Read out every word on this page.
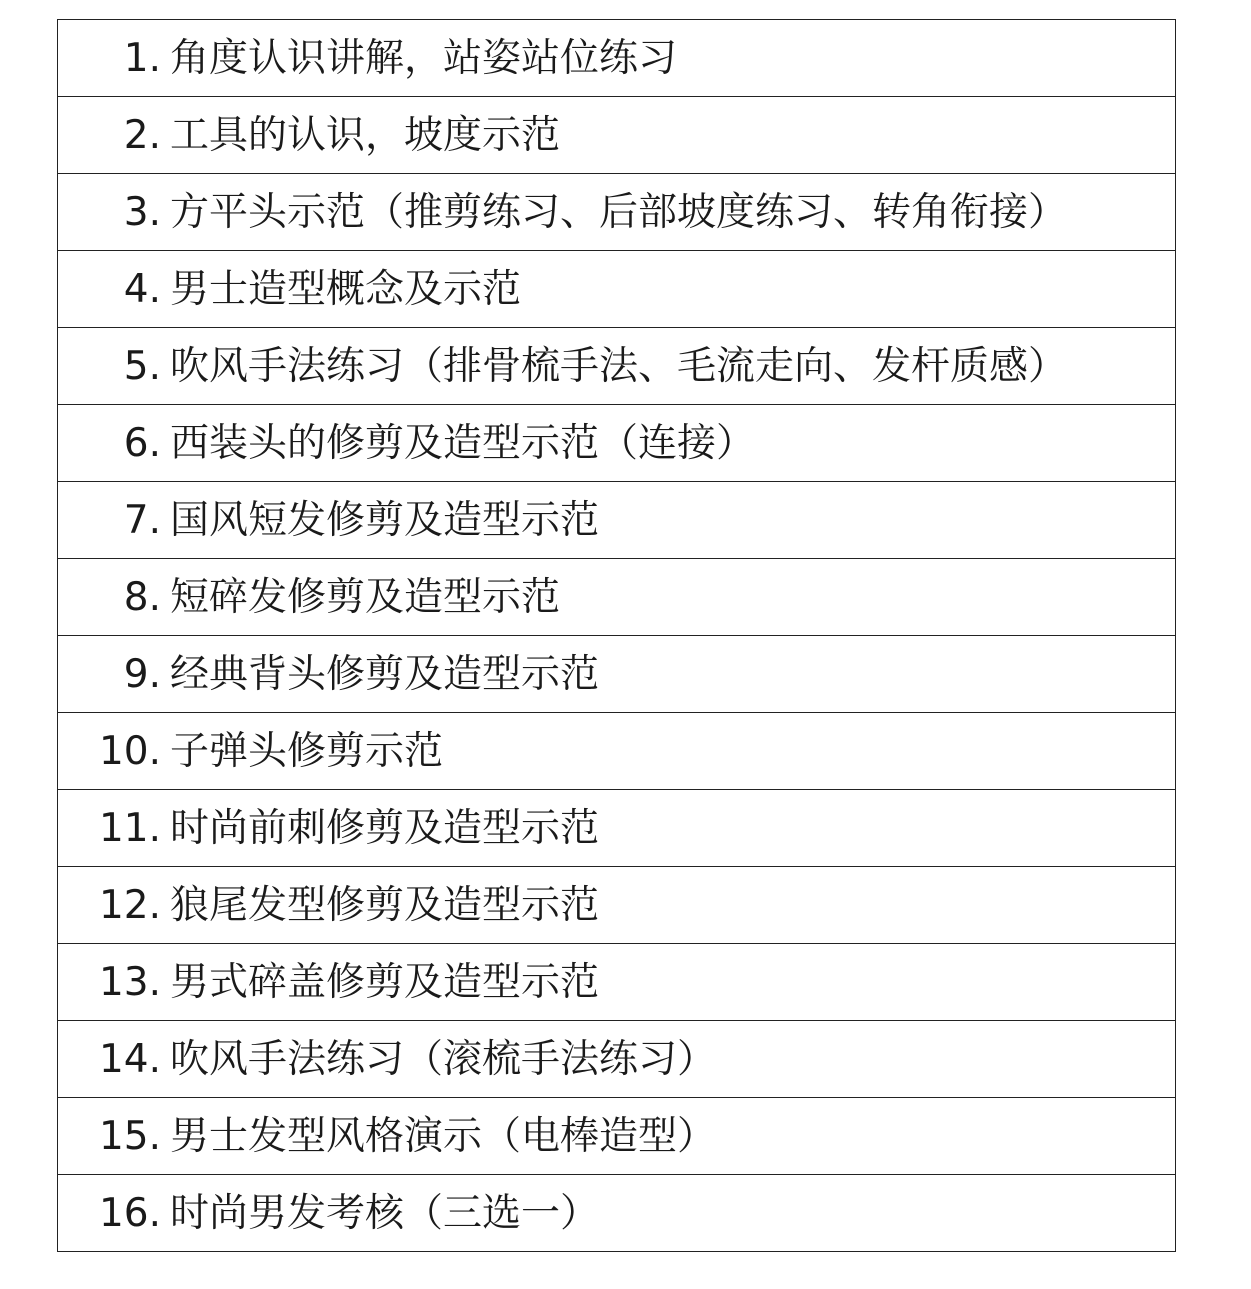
1. 角度认识讲解，站姿站位练习
2. 工具的认识，坡度示范
3. 方平头示范（推剪练习、后部坡度练习、转角衔接）
4. 男士造型概念及示范
5. 吹风手法练习（排骨梳手法、毛流走向、发杆质感）
6. 西装头的修剪及造型示范（连接）
7. 国风短发修剪及造型示范
8. 短碎发修剪及造型示范
9. 经典背头修剪及造型示范
10. 子弹头修剪示范
11. 时尚前刺修剪及造型示范
12. 狼尾发型修剪及造型示范
13. 男式碎盖修剪及造型示范
14. 吹风手法练习（滚梳手法练习）
15. 男士发型风格演示（电棒造型）
16. 时尚男发考核（三选一）
